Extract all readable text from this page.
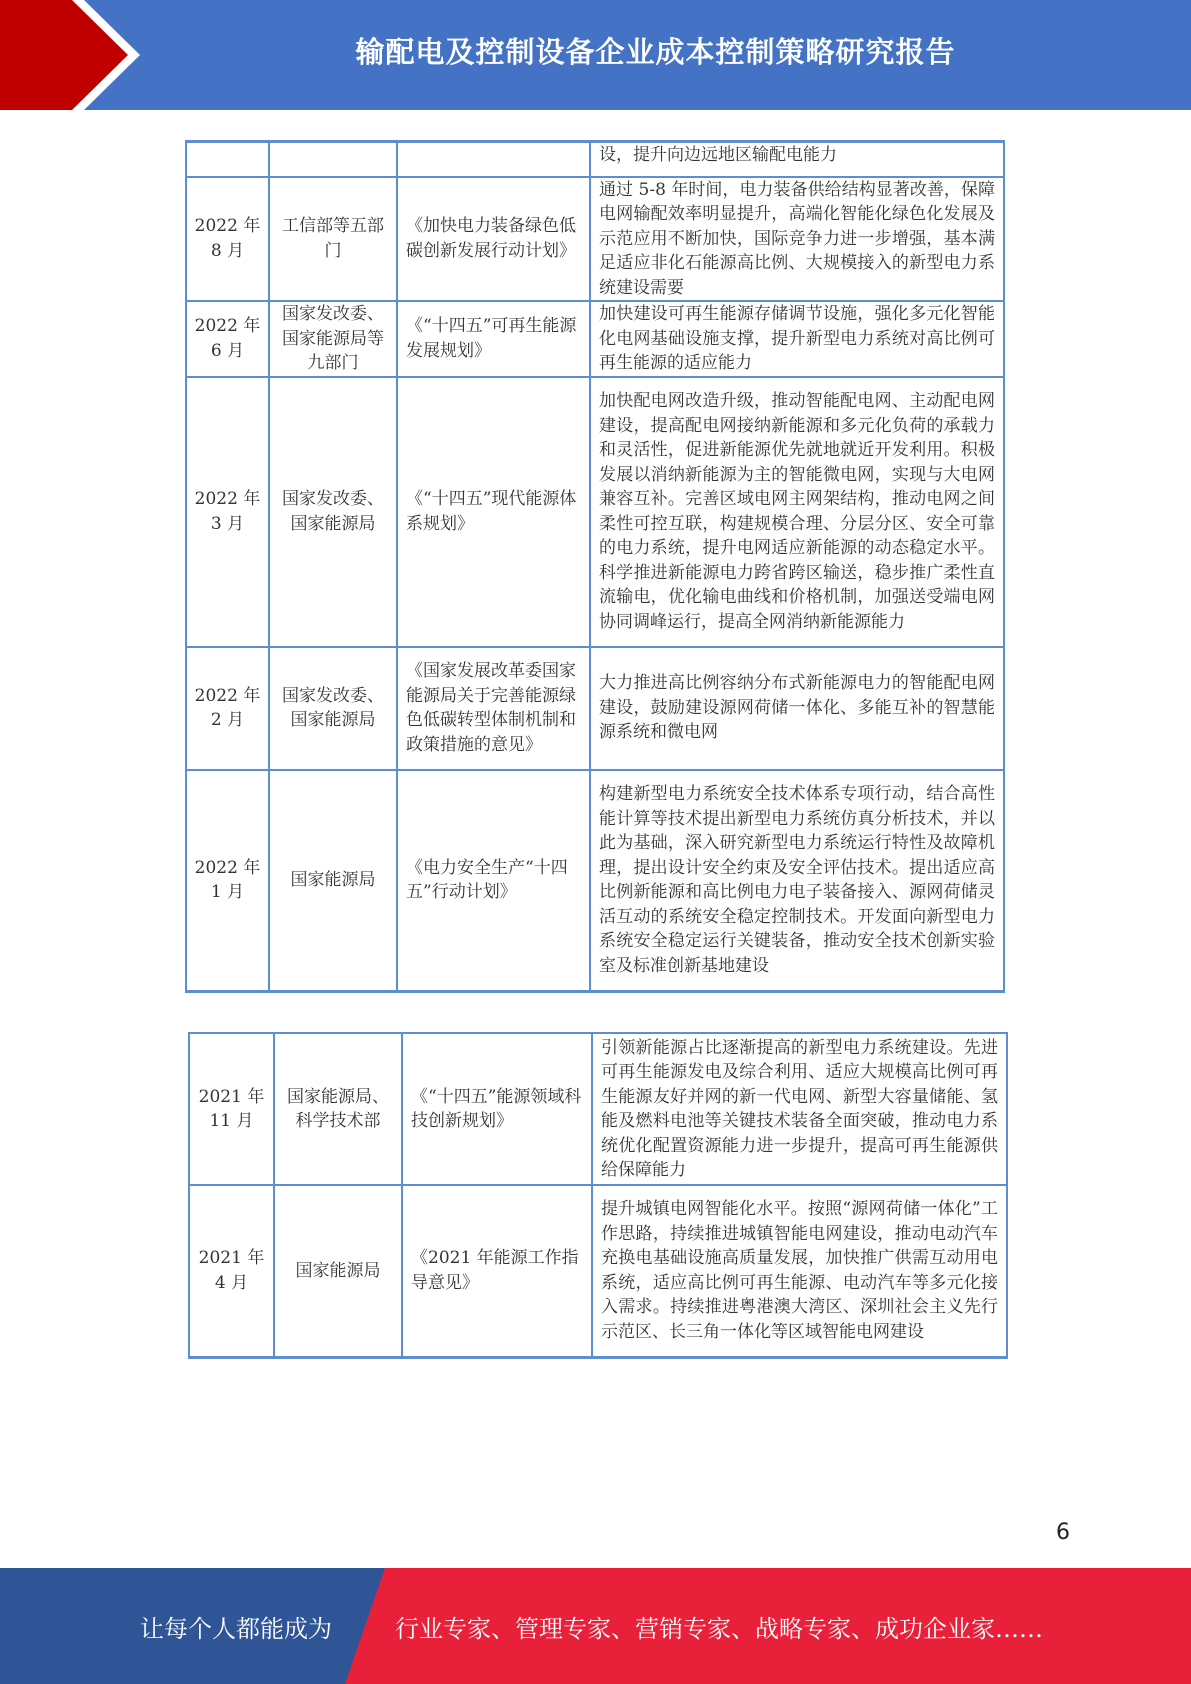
输配电及控制设备企业成本控制策略研究报告
			设，提升向边远地区输配电能力
2022 年 8 月	工信部等五部门	《加快电力装备绿色低碳创新发展行动计划》	通过 5-8 年时间，电力装备供给结构显著改善，保障电网输配效率明显提升，高端化智能化绿色化发展及示范应用不断加快，国际竞争力进一步增强，基本满足适应非化石能源高比例、大规模接入的新型电力系统建设需要
2022 年 6 月	国家发改委、国家能源局等九部门	《“十四五”可再生能源发展规划》	加快建设可再生能源存储调节设施，强化多元化智能化电网基础设施支撑，提升新型电力系统对高比例可再生能源的适应能力
2022 年 3 月	国家发改委、国家能源局	《“十四五”现代能源体系规划》	加快配电网改造升级，推动智能配电网、主动配电网建设，提高配电网接纳新能源和多元化负荷的承载力和灵活性，促进新能源优先就地就近开发利用。积极发展以消纳新能源为主的智能微电网，实现与大电网兼容互补。完善区域电网主网架结构，推动电网之间柔性可控互联，构建规模合理、分层分区、安全可靠的电力系统，提升电网适应新能源的动态稳定水平。科学推进新能源电力跨省跨区输送，稳步推广柔性直流输电，优化输电曲线和价格机制，加强送受端电网协同调峰运行，提高全网消纳新能源能力
2022 年 2 月	国家发改委、国家能源局	《国家发展改革委国家能源局关于完善能源绿色低碳转型体制机制和政策措施的意见》	大力推进高比例容纳分布式新能源电力的智能配电网建设，鼓励建设源网荷储一体化、多能互补的智慧能源系统和微电网
2022 年 1 月	国家能源局	《电力安全生产“十四五”行动计划》	构建新型电力系统安全技术体系专项行动，结合高性能计算等技术提出新型电力系统仿真分析技术，并以此为基础，深入研究新型电力系统运行特性及故障机理，提出设计安全约束及安全评估技术。提出适应高比例新能源和高比例电力电子装备接入、源网荷储灵活互动的系统安全稳定控制技术。开发面向新型电力系统安全稳定运行关键装备，推动安全技术创新实验室及标准创新基地建设
2021 年 11 月	国家能源局、科学技术部	《“十四五”能源领域科技创新规划》	引领新能源占比逐渐提高的新型电力系统建设。先进可再生能源发电及综合利用、适应大规模高比例可再生能源友好并网的新一代电网、新型大容量储能、氢能及燃料电池等关键技术装备全面突破，推动电力系统优化配置资源能力进一步提升，提高可再生能源供给保障能力
2021 年 4 月	国家能源局	《2021 年能源工作指导意见》	提升城镇电网智能化水平。按照“源网荷储一体化”工作思路，持续推进城镇智能电网建设，推动电动汽车充换电基础设施高质量发展，加快推广供需互动用电系统，适应高比例可再生能源、电动汽车等多元化接入需求。持续推进粤港澳大湾区、深圳社会主义先行示范区、长三角一体化等区域智能电网建设
6
让每个人都能成为	行业专家、管理专家、营销专家、战略专家、成功企业家……
